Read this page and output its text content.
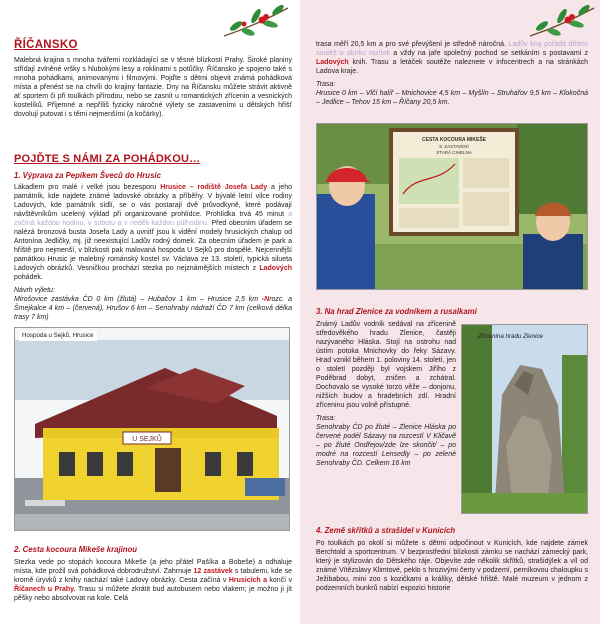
ŘÍČANSKO
Malebná krajina s mnoha tvářemi rozkládající se v těsné blízkosti Prahy. Široké planiny střídají zvlněné vršky s hlubokými lesy a roklinami s potůčky. Říčansko je spojeno také s mnoha pohádkami, animovanými i filmovými. Pojďte s dětmi objevit známá pohádková místa a přenést se na chvíli do krajiny fantazie. Dny na Říčansku můžete strávit aktivně ať sportem či při toulkách přírodou, nebo se zasnít u romantických zřícenin a vesnických kostelíků. Příjemné a nepříliš fyzicky náročné výlety se zastaveními u dětských hřišť dovolují putovat i s těmi nejmenšími (a kočárky).
POJĎTE S NÁMI ZA POHÁDKOU…
1. Výprava za Pepíkem Šveců do Hrusic
Lákadlem pro malé i velké jsou bezesporu Hrusice – rodiště Josefa Lady a jeho památník, kde najdete známé ladovské obrázky a příběhy. V bývalé letní vilce rodiny Ladových, kde památník sídlí, se o vás postarají dvě průvodkyně, které podávají návštěvníkům ucelený výklad při organizované prohlídce. Prohlídka trvá 45 minut a začíná každou hodinu, v sobotu a v neděli každou půlhodinu. Před obecním úřadem se nalézá bronzová busta Josefa Lady a uvnitř jsou k vidění modely hrusických chalup od Antonína Jedličky, mj. již neexistující Ladův rodný domek. Za obecním úřadem je park a hřiště pro nejmenší, v blízkosti pak malovaná hospoda U Sejků pro dospělé. Nejcennější památkou Hrusic je malebný románský kostel sv. Václava ze 13. století, typická silueta Ladových obrázků. Vesničkou prochází stezka po nejznámějších místech z Ladových pohádek.
Návrh výletu:
Mirošovice zastávka ČD 0 km (žlutá) – Hubačov 1 km – Hrusice 2,5 km -Nrozc. a Šmejkalce 4 km – (červená), Hrušov 6 km – Senohraby nádraží ČD 7 km (celková délka trasy 7 km)
U SEJKŮ
Hospoda u Sejků, Hrusice
2. Cesta kocoura Mikeše krajinou
Stezka vede po stopách kocoura Mikeše (a jeho přátel Pašíka a Bobeše) a odhaluje místa, kde prožil svá pohádková dobrodružství. Zahrnuje 12 zastávek s tabulemi, kde se kromě úryvků z knihy nachází také Ladovy obrázky. Cesta začíná v Hrusicích a končí v Říčanech u Prahy. Trasu si můžete zkrátit bud autobusem nebo vlakem; je možno ji jít pěšky nebo absolvovat na kole. Celá
trasa měří 20,5 km a pro své převýšení je středně náročná. Ladův kraj pořádá dětem soutěž o sbírku razítek a vždy na jaře společný pochod se setkáním s postavami z Ladových knih. Trasu a letáček soutěže naleznete v infocentrech a na stránkách Ladova kraje.
Trasa:
Hrusice 0 km – Vlčí halíř – Mnichovice 4,5 km – Myšlín – Struhařov 9,5 km – Klokočná – Jedlice – Tehov 15 km – Říčany 20,5 km.
CESTA KOCOURA MIKEŠE
8. ZASTAVENÍ
STARÁ CIHELNA
3. Na hrad Zlenice za vodníkem a rusalkami
Známý Ladův vodník sedával na zřícenině středověkého hradu Zlenice, častěji nazývaného Hláska. Stojí na ostrohu nad ústím potoka Mnichovky do řeky Sázavy. Hrad vznikl během 1. poloviny 14. století, jen o století později byl vojskem Jiřího z Poděbrad dobyt, zničen a zchátral. Dochovalo se vysoké torzo věže – donjonu, nižších budov a hradebních zdí. Hradní zříceninu jsou volně přístupné.
Trasa:
Senohraby ČD po žluté – Zlenice Hláska po červené podél Sázavy na rozcestí V Kličavě – po žluté Ondřejov/zde lze skončit/ – po modré na rozcestí Lensedly – po zelené Senohraby ČD. Celkem 16 km
Zřícenina hradu Zlenice
4. Země skřítků a strašidel v Kunicích
Po toulkách po okolí si můžete s dětmi odpočinout v Kunicích, kde najdete zámek Berchtold a sportcentrum. V bezprostřední blízkosti zámku se nachází zámecký park, který je stylizován do Dětského ráje. Objevíte zde několik skřítků, strašidýlek a víl od známé Vítězslavy Klimtové, peklo s hrozivými čerty v podzemí, perníkovou chaloupku s Ježibabou, mini zoo s kozičkami a králíky, dětské hřiště. Malé muzeum v jednom z podzemních bunkrů nabízí expozici historie
